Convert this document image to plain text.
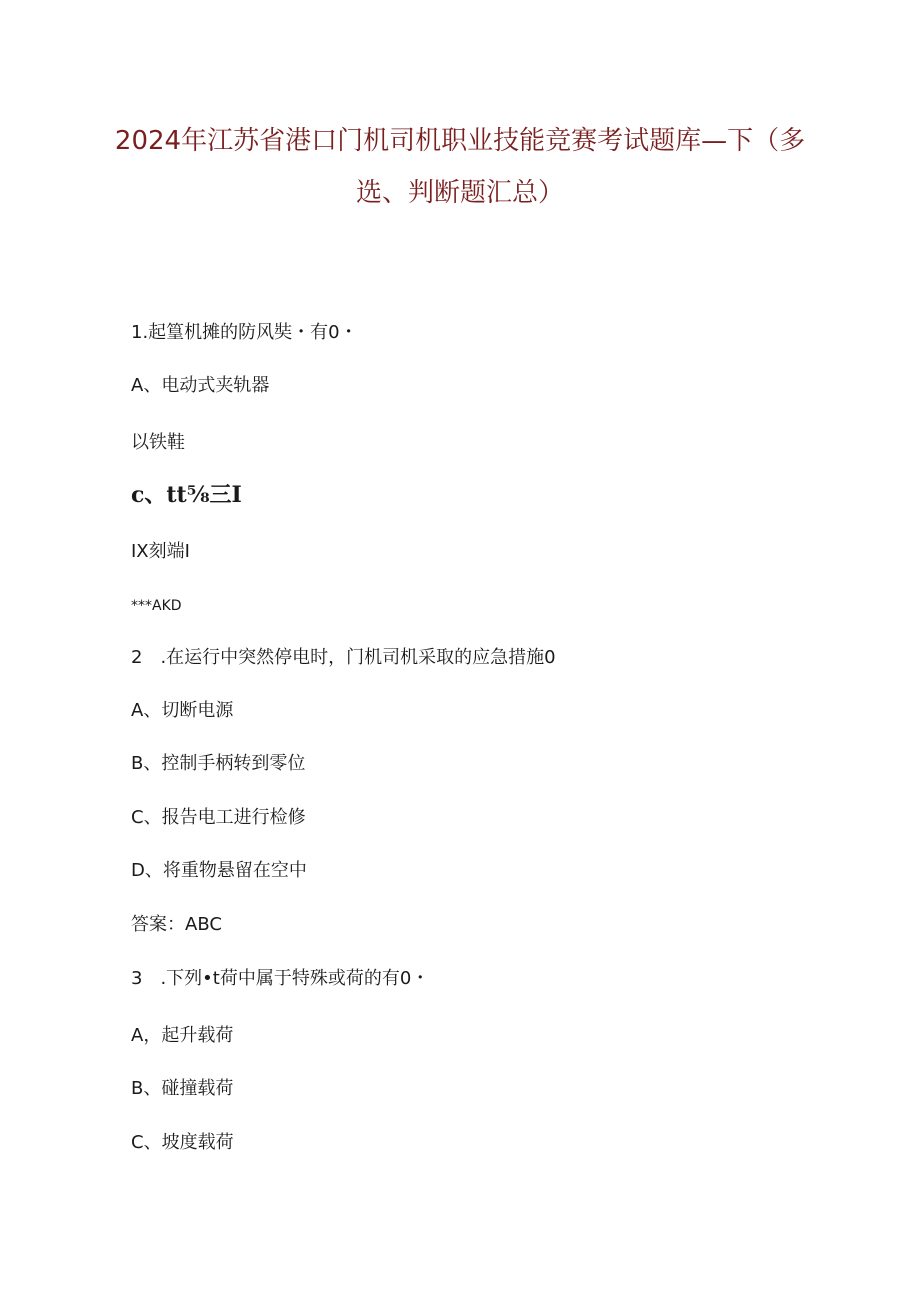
2024年江苏省港口门机司机职业技能竞赛考试题库—下（多
选、判断题汇总）
1.起篁机摊的防风奘・有0・
A、电动式夹轨器
以铁鞋
c、tt⅝三I
IX刻端I
***AKD
2　.在运行中突然停电时，门机司机采取的应急措施0
A、切断电源
B、控制手柄转到零位
C、报告电工进行检修
D、将重物悬留在空中
答案：ABC
3　.下列•t荷中属于特殊或荷的有0・
A，起升载荷
B、碰撞载荷
C、坡度载荷
